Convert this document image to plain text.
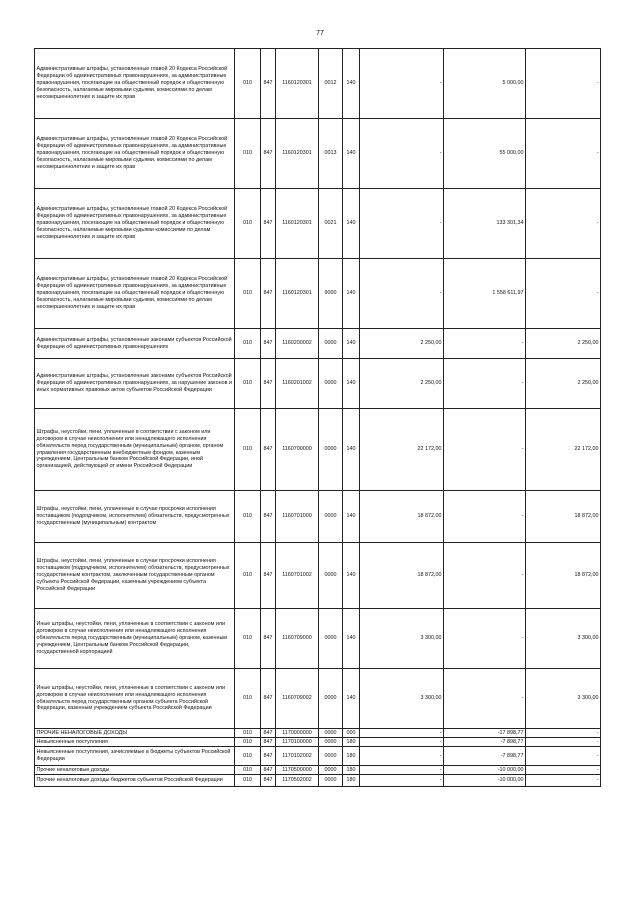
77
Административные штрафы, установленные главой 20 Кодекса Российской Федерации об административных правонарушениях, за административные правонарушения, посягающие на общественный порядок и общественную безопасность, налагаемые мировыми судьями, комиссиями по делам несовершеннолетних и защите их прав	010	847	1160120301	0012	140	-	5 000,00	-
Административные штрафы, установленные главой 20 Кодекса Российской Федерации об административных правонарушениях, за административные правонарушения, посягающие на общественный порядок и общественную безопасность, налагаемые мировыми судьями, комиссиями по делам несовершеннолетних и защите их прав	010	847	1160120301	0013	140	-	55 000,00	-
Административные штрафы, установленные главой 20 Кодекса Российской Федерации об административных правонарушениях, за административные правонарушения, посягающие на общественный порядок и общественную безопасность, налагаемые мировыми судьями комиссиями по делам несовершеннолетних и защите их прав	010	847	1160120301	0021	140	-	133 301,34	-
Административные штрафы, установленные главой 20 Кодекса Российской Федерации об административных правонарушениях, за административные правонарушения, посягающие на общественный порядок и общественную безопасность, налагаемые мировыми судьями, комиссиями по делам несовершеннолетних и защите их прав	010	847	1160120301	9000	140	-	1 558 611,97	-
Административные штрафы, установленные законами субъектов Российской Федерации об административных правонарушениях	010	847	1160200002	0000	140	2 250,00	-	2 250,00
Административные штрафы, установленные законами субъектов Российской Федерации об административных правонарушениях, за нарушение законов и иных нормативных правовых актов субъектов Российской Федерации	010	847	1160201002	0000	140	2 250,00	-	2 250,00
Штрафы, неустойки, пени, уплаченные в соответствии с законом или договором в случае неисполнения или ненадлежащего исполнения обязательств перед государственным (муниципальным) органом, органом управления государственным внебюджетным фондом, казенным учреждением, Центральным банком Российской Федерации, иной организацией, действующей от имени Российской Федерации	010	847	1160700000	0000	140	22 172,00	-	22 172,00
Штрафы, неустойки, пени, уплаченные в случае просрочки исполнения поставщиком (подрядчиком, исполнителем) обязательств, предусмотренных государственным (муниципальным) контрактом	010	847	1160701000	0000	140	18 872,00	-	18 872,00
Штрафы, неустойки, пени, уплаченные в случае просрочки исполнения поставщиком (подрядчиком, исполнителем) обязательств, предусмотренных государственным контрактом, заключенным государственным органом субъекта Российской Федерации, казенным учреждением субъекта Российской Федерации	010	847	1160701002	0000	140	18 872,00	-	18 872,00
Иные штрафы, неустойки, пени, уплаченные в соответствии с законом или договором в случае неисполнения или ненадлежащего исполнения обязательств перед государственным (муниципальным) органом, казенным учреждением, Центральным банком Российской Федерации, государственной корпорацией	010	847	1160709000	0000	140	3 300,00	-	3 300,00
Иные штрафы, неустойки, пени, уплаченные в соответствии с законом или договором в случае неисполнения или ненадлежащего исполнения обязательств перед государственным органом субъекта Российской Федерации, казенным учреждением субъекта Российской Федерации	010	847	1160709002	0000	140	3 300,00	-	3 300,00
ПРОЧИЕ НЕНАЛОГОВЫЕ ДОХОДЫ	010	847	1170000000	0000	000	-	-17 898,77	-
Невыясненные поступления	010	847	1170100000	0000	180	-	-7 898,77	-
Невыясненные поступления, зачисляемые в бюджеты субъектов Российской Федерации	010	847	1170102002	0000	180	-	-7 898,77	-
Прочие неналоговые доходы	010	847	1170500000	0000	180	-	-10 000,00	-
Прочие неналоговые доходы бюджетов субъектов Российской Федерации	010	847	1170502002	0000	180	-	-10 000,00	-
